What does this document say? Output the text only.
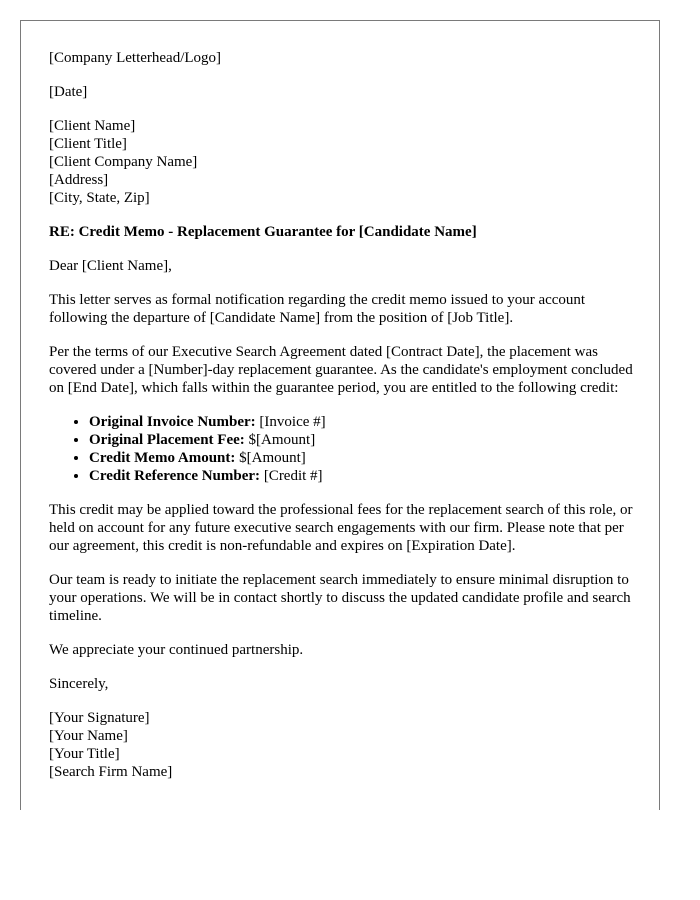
[Company Letterhead/Logo]

[Date]

[Client Name]
[Client Title]
[Client Company Name]
[Address]
[City, State, Zip]

RE: Credit Memo - Replacement Guarantee for [Candidate Name]

Dear [Client Name],

This letter serves as formal notification regarding the credit memo issued to your account following the departure of [Candidate Name] from the position of [Job Title].

Per the terms of our Executive Search Agreement dated [Contract Date], the placement was covered under a [Number]-day replacement guarantee. As the candidate's employment concluded on [End Date], which falls within the guarantee period, you are entitled to the following credit:

• Original Invoice Number: [Invoice #]
• Original Placement Fee: $[Amount]
• Credit Memo Amount: $[Amount]
• Credit Reference Number: [Credit #]

This credit may be applied toward the professional fees for the replacement search of this role, or held on account for any future executive search engagements with our firm. Please note that per our agreement, this credit is non-refundable and expires on [Expiration Date].

Our team is ready to initiate the replacement search immediately to ensure minimal disruption to your operations. We will be in contact shortly to discuss the updated candidate profile and search timeline.

We appreciate your continued partnership.

Sincerely,

[Your Signature]
[Your Name]
[Your Title]
[Search Firm Name]
